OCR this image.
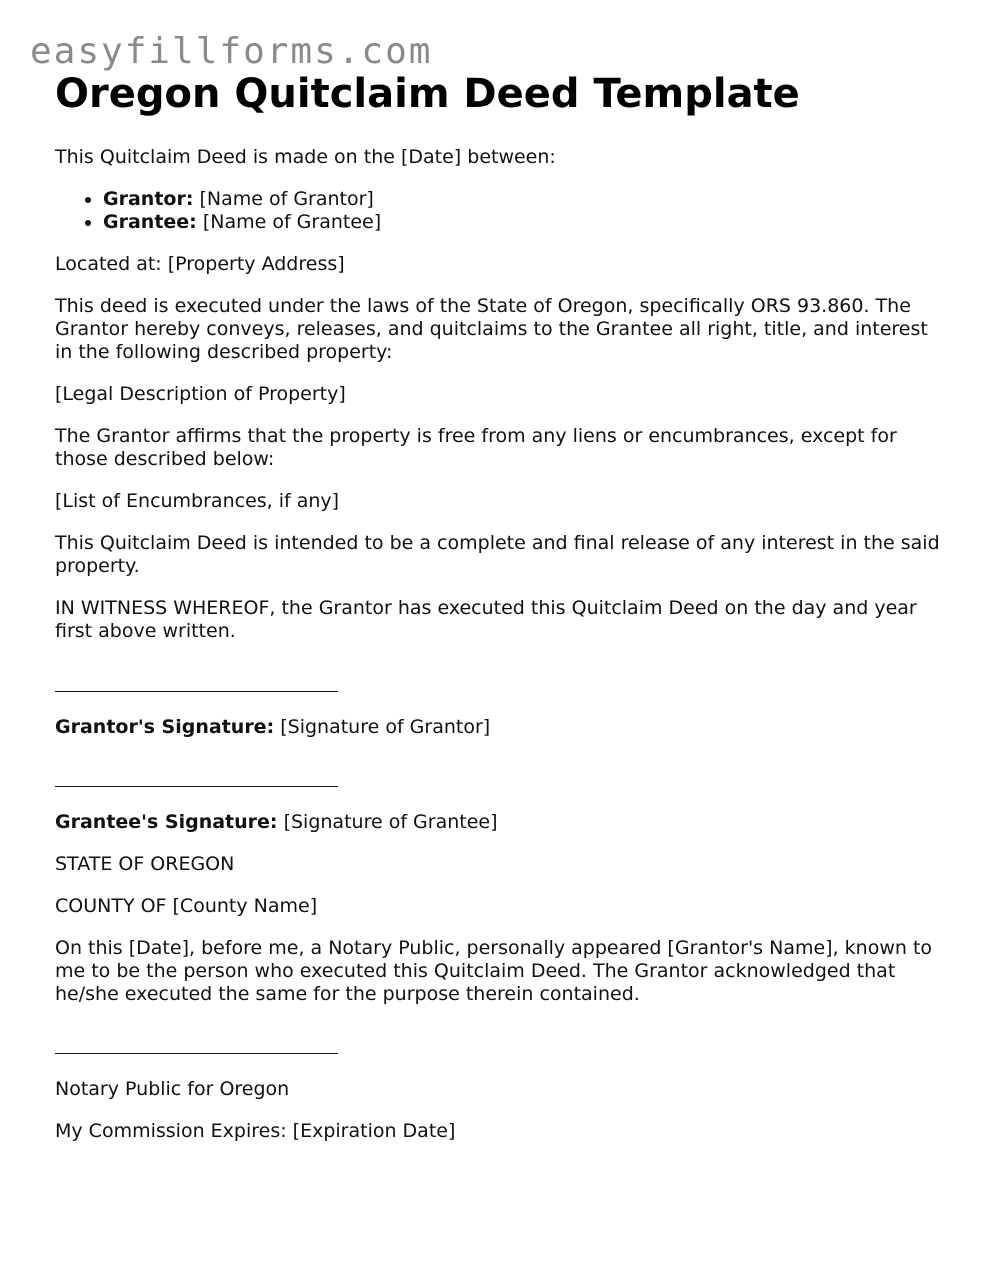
easyfillforms.com
Oregon Quitclaim Deed Template

This Quitclaim Deed is made on the [Date] between:

• Grantor: [Name of Grantor]
• Grantee: [Name of Grantee]

Located at: [Property Address]

This deed is executed under the laws of the State of Oregon, specifically ORS 93.860. The Grantor hereby conveys, releases, and quitclaims to the Grantee all right, title, and interest in the following described property:

[Legal Description of Property]

The Grantor affirms that the property is free from any liens or encumbrances, except for those described below:

[List of Encumbrances, if any]

This Quitclaim Deed is intended to be a complete and final release of any interest in the said property.

IN WITNESS WHEREOF, the Grantor has executed this Quitclaim Deed on the day and year first above written.

Grantor's Signature: [Signature of Grantor]

Grantee's Signature: [Signature of Grantee]

STATE OF OREGON

COUNTY OF [County Name]

On this [Date], before me, a Notary Public, personally appeared [Grantor's Name], known to me to be the person who executed this Quitclaim Deed. The Grantor acknowledged that he/she executed the same for the purpose therein contained.

Notary Public for Oregon

My Commission Expires: [Expiration Date]
